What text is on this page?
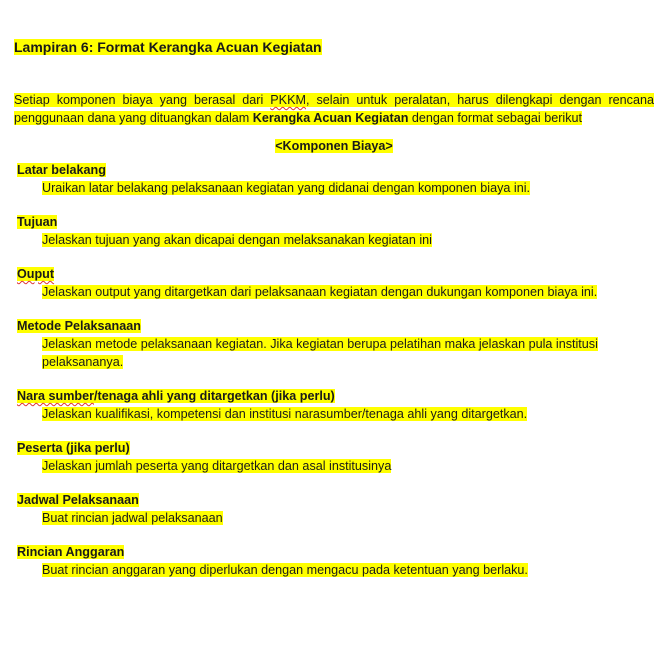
Lampiran 6: Format Kerangka Acuan Kegiatan

Setiap komponen biaya yang berasal dari PKKM, selain untuk peralatan, harus dilengkapi dengan rencana penggunaan dana yang dituangkan dalam Kerangka Acuan Kegiatan dengan format sebagai berikut

<Komponen Biaya>

Latar belakang

Uraikan latar belakang pelaksanaan kegiatan yang didanai dengan komponen biaya ini.

Tujuan

Jelaskan tujuan yang akan dicapai dengan melaksanakan kegiatan ini

Ouput

Jelaskan output yang ditargetkan dari pelaksanaan kegiatan dengan dukungan komponen biaya ini.

Metode Pelaksanaan

Jelaskan metode pelaksanaan kegiatan. Jika kegiatan berupa pelatihan maka jelaskan pula institusi pelaksananya.

Nara sumber/tenaga ahli yang ditargetkan (jika perlu)

Jelaskan kualifikasi, kompetensi dan institusi narasumber/tenaga ahli yang ditargetkan.

Peserta (jika perlu)

Jelaskan jumlah peserta yang ditargetkan dan asal institusinya

Jadwal Pelaksanaan

Buat rincian jadwal pelaksanaan

Rincian Anggaran

Buat rincian anggaran yang diperlukan dengan mengacu pada ketentuan yang berlaku.
